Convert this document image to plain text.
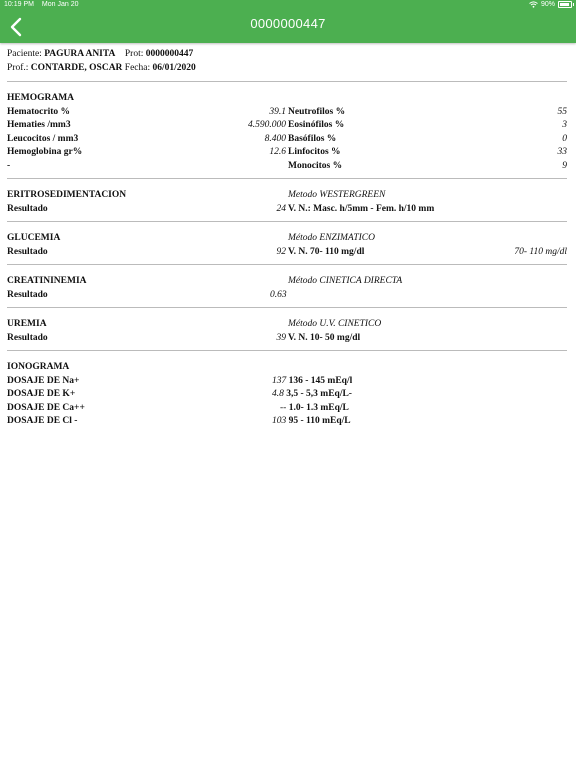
10:19 PM Mon Jan 20	90%
0000000447
Paciente: PAGURA ANITA Prot: 0000000447
Prof.: CONTARDE, OSCAR Fecha: 06/01/2020
HEMOGRAMA
Hematocrito %	39.1 Neutrofilos %	55
Hematies /mm3	4.590.000 Eosinófilos %	3
Leucocitos / mm3	8.400 Basófilos %	0
Hemoglobina gr%	12.6 Linfocitos %	33
-	Monocitos %	9
ERITROSEDIMENTACION	Metodo WESTERGREEN
Resultado	24 V. N.: Masc. h/5mm - Fem. h/10 mm
GLUCEMIA	Método ENZIMATICO
Resultado	92 V. N. 70- 110 mg/dl	70- 110 mg/dl
CREATININEMIA	Método CINETICA DIRECTA
Resultado	0.63
UREMIA	Método U.V. CINETICO
Resultado	39 V. N. 10- 50 mg/dl
IONOGRAMA
DOSAJE DE Na+	137 136 - 145 mEq/l
DOSAJE DE K+	4.8 3,5 - 5,3 mEq/L-
DOSAJE DE Ca++	-- 1.0- 1.3 mEq/L
DOSAJE DE Cl -	103 95 - 110 mEq/L
